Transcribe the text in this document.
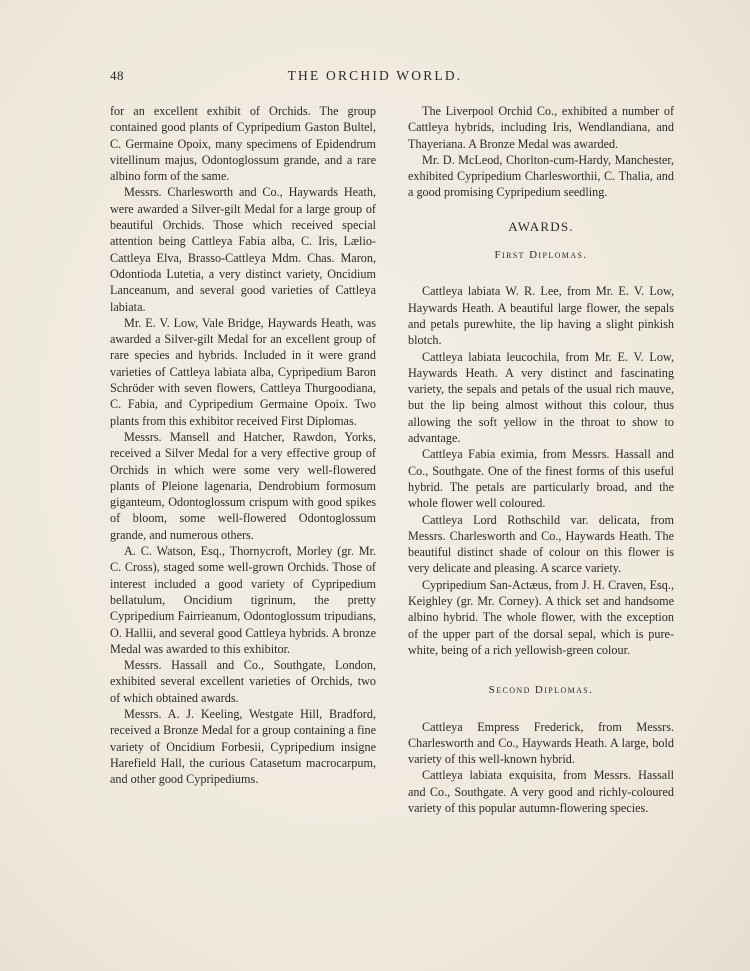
48	THE ORCHID WORLD.

for an excellent exhibit of Orchids. The group contained good plants of Cypripedium Gaston Bultel, C. Germaine Opoix, many specimens of Epidendrum vitellinum majus, Odontoglossum grande, and a rare albino form of the same.

Messrs. Charlesworth and Co., Haywards Heath, were awarded a Silver-gilt Medal for a large group of beautiful Orchids. Those which received special attention being Cattleya Fabia alba, C. Iris, Lælio-Cattleya Elva, Brasso-Cattleya Mdm. Chas. Maron, Odontioda Lutetia, a very distinct variety, Oncidium Lanceanum, and several good varieties of Cattleya labiata.

Mr. E. V. Low, Vale Bridge, Haywards Heath, was awarded a Silver-gilt Medal for an excellent group of rare species and hybrids. Included in it were grand varieties of Cattleya labiata alba, Cypripedium Baron Schröder with seven flowers, Cattleya Thurgoodiana, C. Fabia, and Cypripedium Germaine Opoix. Two plants from this exhibitor received First Diplomas.

Messrs. Mansell and Hatcher, Rawdon, Yorks, received a Silver Medal for a very effective group of Orchids in which were some very well-flowered plants of Pleione lagenaria, Dendrobium formosum giganteum, Odontoglossum crispum with good spikes of bloom, some well-flowered Odontoglossum grande, and numerous others.

A. C. Watson, Esq., Thornycroft, Morley (gr. Mr. C. Cross), staged some well-grown Orchids. Those of interest included a good variety of Cypripedium bellatulum, Oncidium tigrinum, the pretty Cypripedium Fairrieanum, Odontoglossum tripudians, O. Hallii, and several good Cattleya hybrids. A bronze Medal was awarded to this exhibitor.

Messrs. Hassall and Co., Southgate, London, exhibited several excellent varieties of Orchids, two of which obtained awards.

Messrs. A. J. Keeling, Westgate Hill, Bradford, received a Bronze Medal for a group containing a fine variety of Oncidium Forbesii, Cypripedium insigne Harefield Hall, the curious Catasetum macrocarpum, and other good Cypripediums.

The Liverpool Orchid Co., exhibited a number of Cattleya hybrids, including Iris, Wendlandiana, and Thayeriana. A Bronze Medal was awarded.

Mr. D. McLeod, Chorlton-cum-Hardy, Manchester, exhibited Cypripedium Charlesworthii, C. Thalia, and a good promising Cypripedium seedling.

AWARDS.
First Diplomas.

Cattleya labiata W. R. Lee, from Mr. E. V. Low, Haywards Heath. A beautiful large flower, the sepals and petals purewhite, the lip having a slight pinkish blotch.

Cattleya labiata leucochila, from Mr. E. V. Low, Haywards Heath. A very distinct and fascinating variety, the sepals and petals of the usual rich mauve, but the lip being almost without this colour, thus allowing the soft yellow in the throat to show to advantage.

Cattleya Fabia eximia, from Messrs. Hassall and Co., Southgate. One of the finest forms of this useful hybrid. The petals are particularly broad, and the whole flower well coloured.

Cattleya Lord Rothschild var. delicata, from Messrs. Charlesworth and Co., Haywards Heath. The beautiful distinct shade of colour on this flower is very delicate and pleasing. A scarce variety.

Cypripedium San-Actæus, from J. H. Craven, Esq., Keighley (gr. Mr. Corney). A thick set and handsome albino hybrid. The whole flower, with the exception of the upper part of the dorsal sepal, which is pure-white, being of a rich yellowish-green colour.

Second Diplomas.

Cattleya Empress Frederick, from Messrs. Charlesworth and Co., Haywards Heath. A large, bold variety of this well-known hybrid.

Cattleya labiata exquisita, from Messrs. Hassall and Co., Southgate. A very good and richly-coloured variety of this popular autumn-flowering species.
